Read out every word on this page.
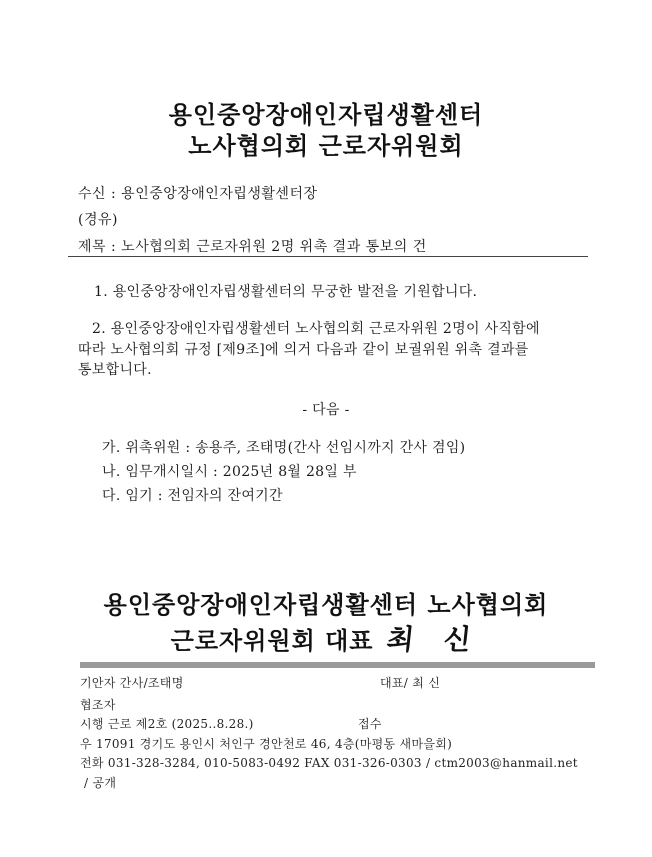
용인중앙장애인자립생활센터
노사협의회 근로자위원회
수신 : 용인중앙장애인자립생활센터장
(경유)
제목 : 노사협의회 근로자위원 2명 위촉 결과 통보의 건
1. 용인중앙장애인자립생활센터의 무궁한 발전을 기원합니다.
2. 용인중앙장애인자립생활센터 노사협의회 근로자위원 2명이 사직함에
따라 노사협의회 규정 [제9조]에 의거 다음과 같이 보궐위원 위촉 결과를
통보합니다.
- 다음 -
가. 위촉위원 : 송용주, 조태명(간사 선임시까지 간사 겸임)
나. 임무개시일시 : 2025년 8월 28일 부
다. 임기 : 전임자의 잔여기간
용인중앙장애인자립생활센터 노사협의회
근로자위원회 대표 최 신
기안자 간사/조태명	대표/ 최 신
협조자
시행 근로 제2호 (2025..8.28.)	접수
우 17091 경기도 용인시 처인구 경안천로 46, 4층(마평동 새마을회)
전화 031-328-3284, 010-5083-0492 FAX 031-326-0303 / ctm2003@hanmail.net
/ 공개
